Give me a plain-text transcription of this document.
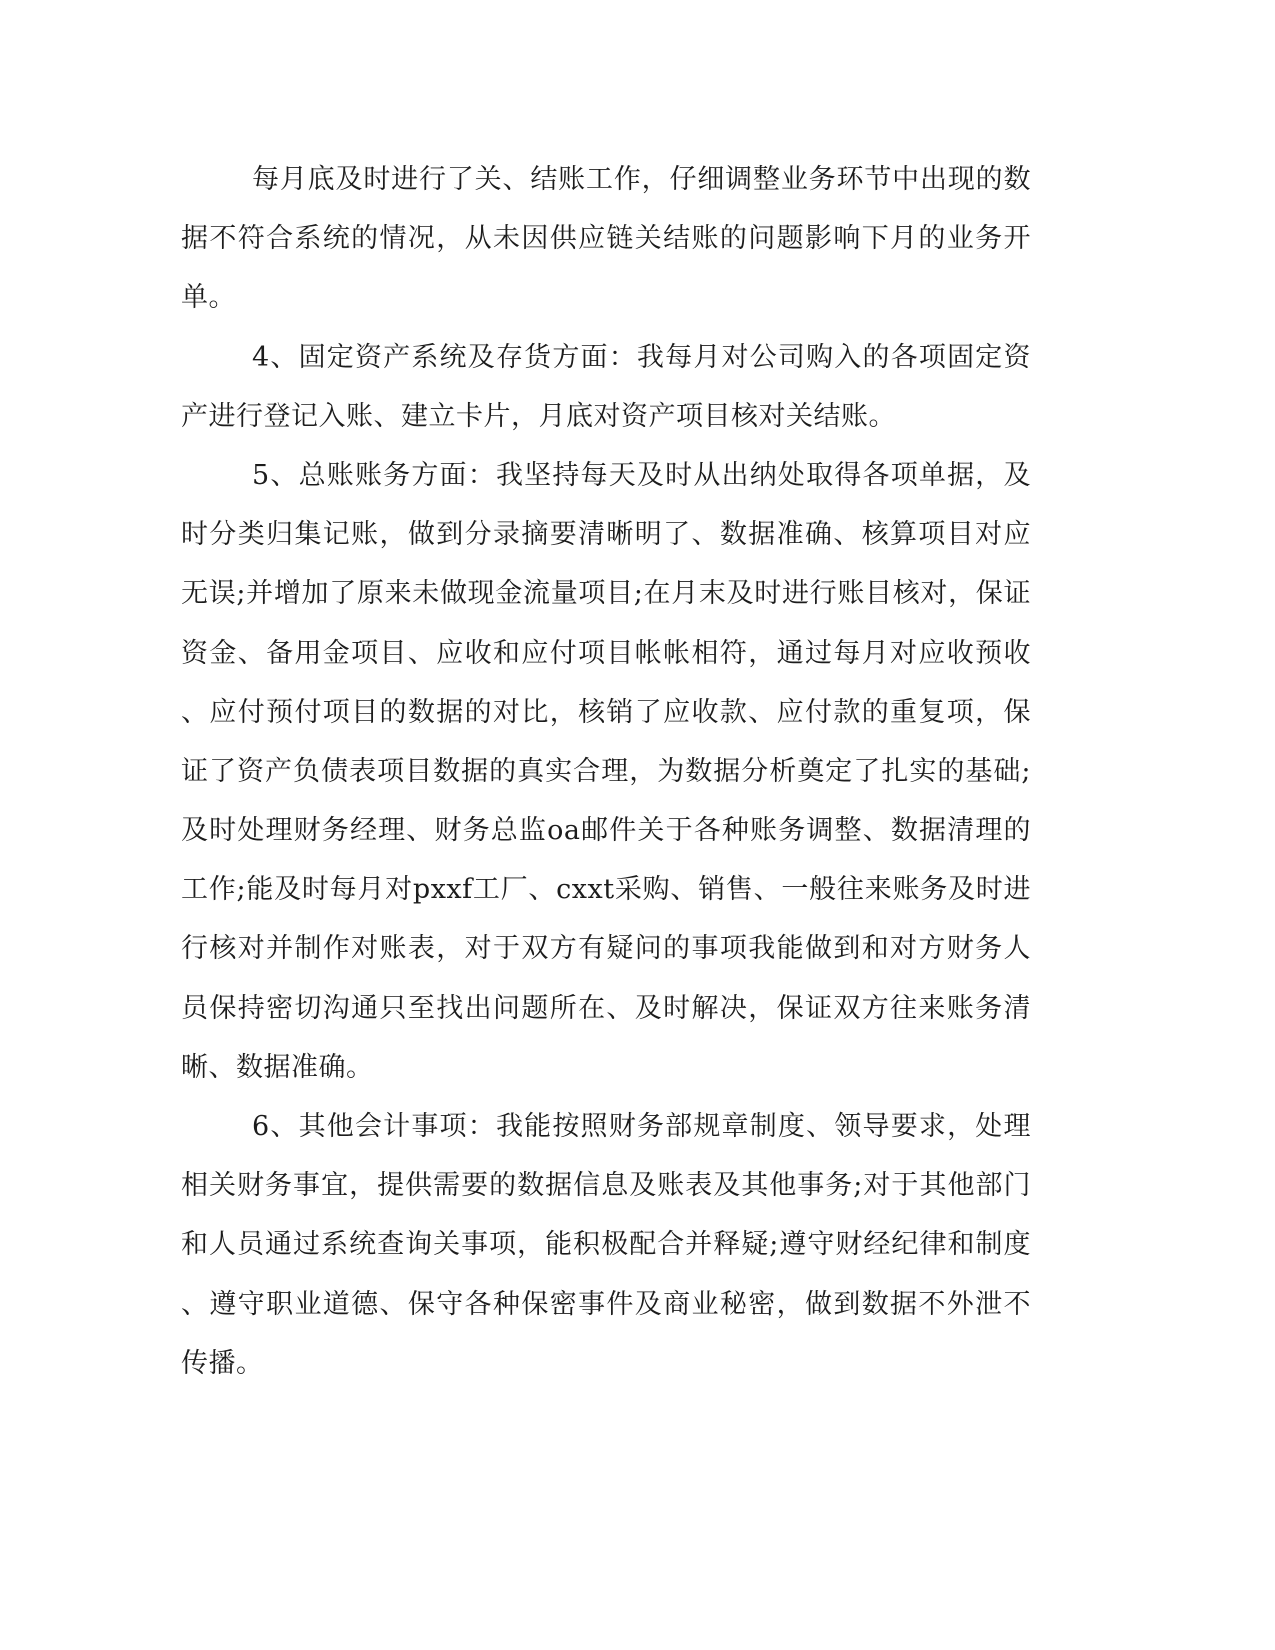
每月底及时进行了关、结账工作，仔细调整业务环节中出现的数
据不符合系统的情况，从未因供应链关结账的问题影响下月的业务开
单。
4、固定资产系统及存货方面：我每月对公司购入的各项固定资
产进行登记入账、建立卡片，月底对资产项目核对关结账。
5、总账账务方面：我坚持每天及时从出纳处取得各项单据，及
时分类归集记账，做到分录摘要清晰明了、数据准确、核算项目对应
无误;并增加了原来未做现金流量项目;在月末及时进行账目核对，保证
资金、备用金项目、应收和应付项目帐帐相符，通过每月对应收预收
、应付预付项目的数据的对比，核销了应收款、应付款的重复项，保
证了资产负债表项目数据的真实合理，为数据分析奠定了扎实的基础;
及时处理财务经理、财务总监oa邮件关于各种账务调整、数据清理的
工作;能及时每月对pxxf工厂、cxxt采购、销售、一般往来账务及时进
行核对并制作对账表，对于双方有疑问的事项我能做到和对方财务人
员保持密切沟通只至找出问题所在、及时解决，保证双方往来账务清
晰、数据准确。
6、其他会计事项：我能按照财务部规章制度、领导要求，处理
相关财务事宜，提供需要的数据信息及账表及其他事务;对于其他部门
和人员通过系统查询关事项，能积极配合并释疑;遵守财经纪律和制度
、遵守职业道德、保守各种保密事件及商业秘密，做到数据不外泄不
传播。
